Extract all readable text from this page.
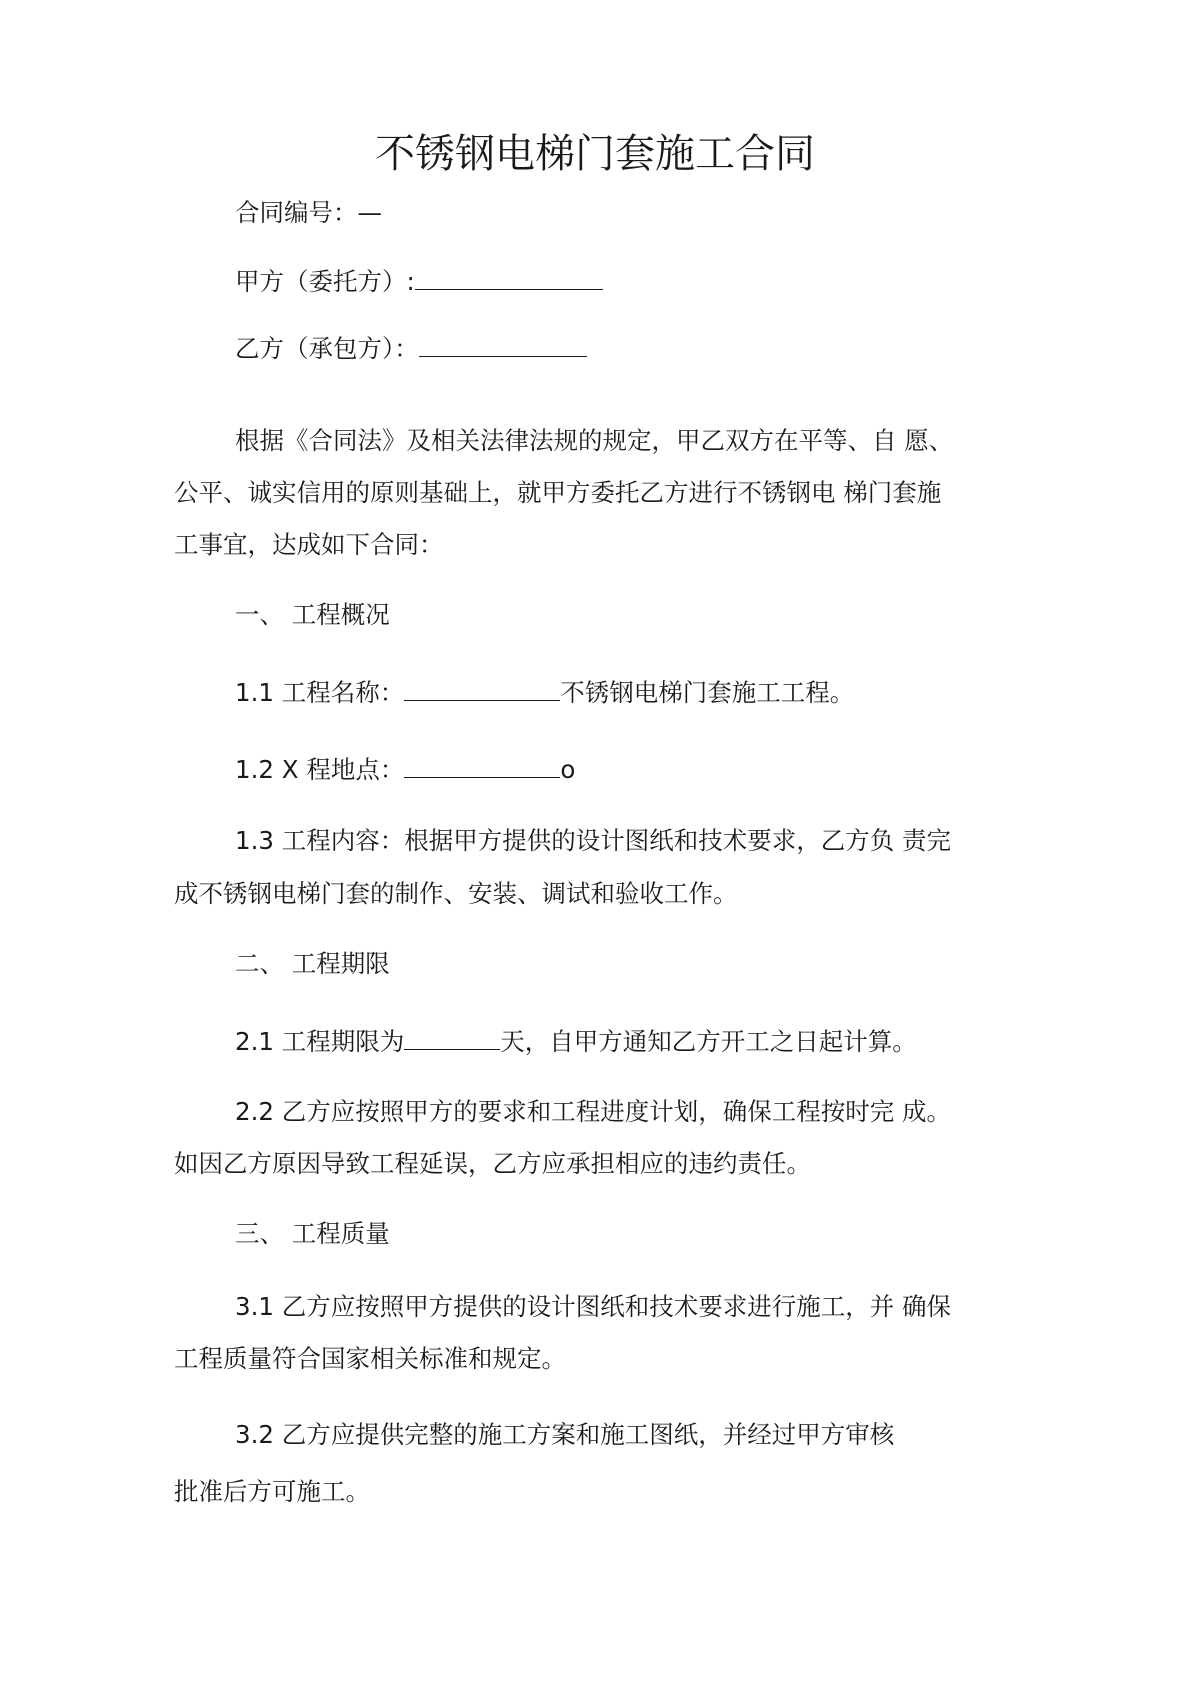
不锈钢电梯门套施工合同

合同编号：—

甲方（委托方）:

乙方（承包方）：

根据《合同法》及相关法律法规的规定，甲乙双方在平等、自 愿、

公平、诚实信用的原则基础上，就甲方委托乙方进行不锈钢电 梯门套施

工事宜，达成如下合同：

一、 工程概况

1.1 工程名称：	不锈钢电梯门套施工工程。

1.2 X 程地点：	o

1.3 工程内容：根据甲方提供的设计图纸和技术要求，乙方负 责完

成不锈钢电梯门套的制作、安装、调试和验收工作。

二、 工程期限

2.1 工程期限为	天，自甲方通知乙方开工之日起计算。

2.2 乙方应按照甲方的要求和工程进度计划，确保工程按时完 成。

如因乙方原因导致工程延误，乙方应承担相应的违约责任。

三、 工程质量

3.1 乙方应按照甲方提供的设计图纸和技术要求进行施工，并 确保

工程质量符合国家相关标准和规定。

3.2 乙方应提供完整的施工方案和施工图纸，并经过甲方审核

批准后方可施工。
